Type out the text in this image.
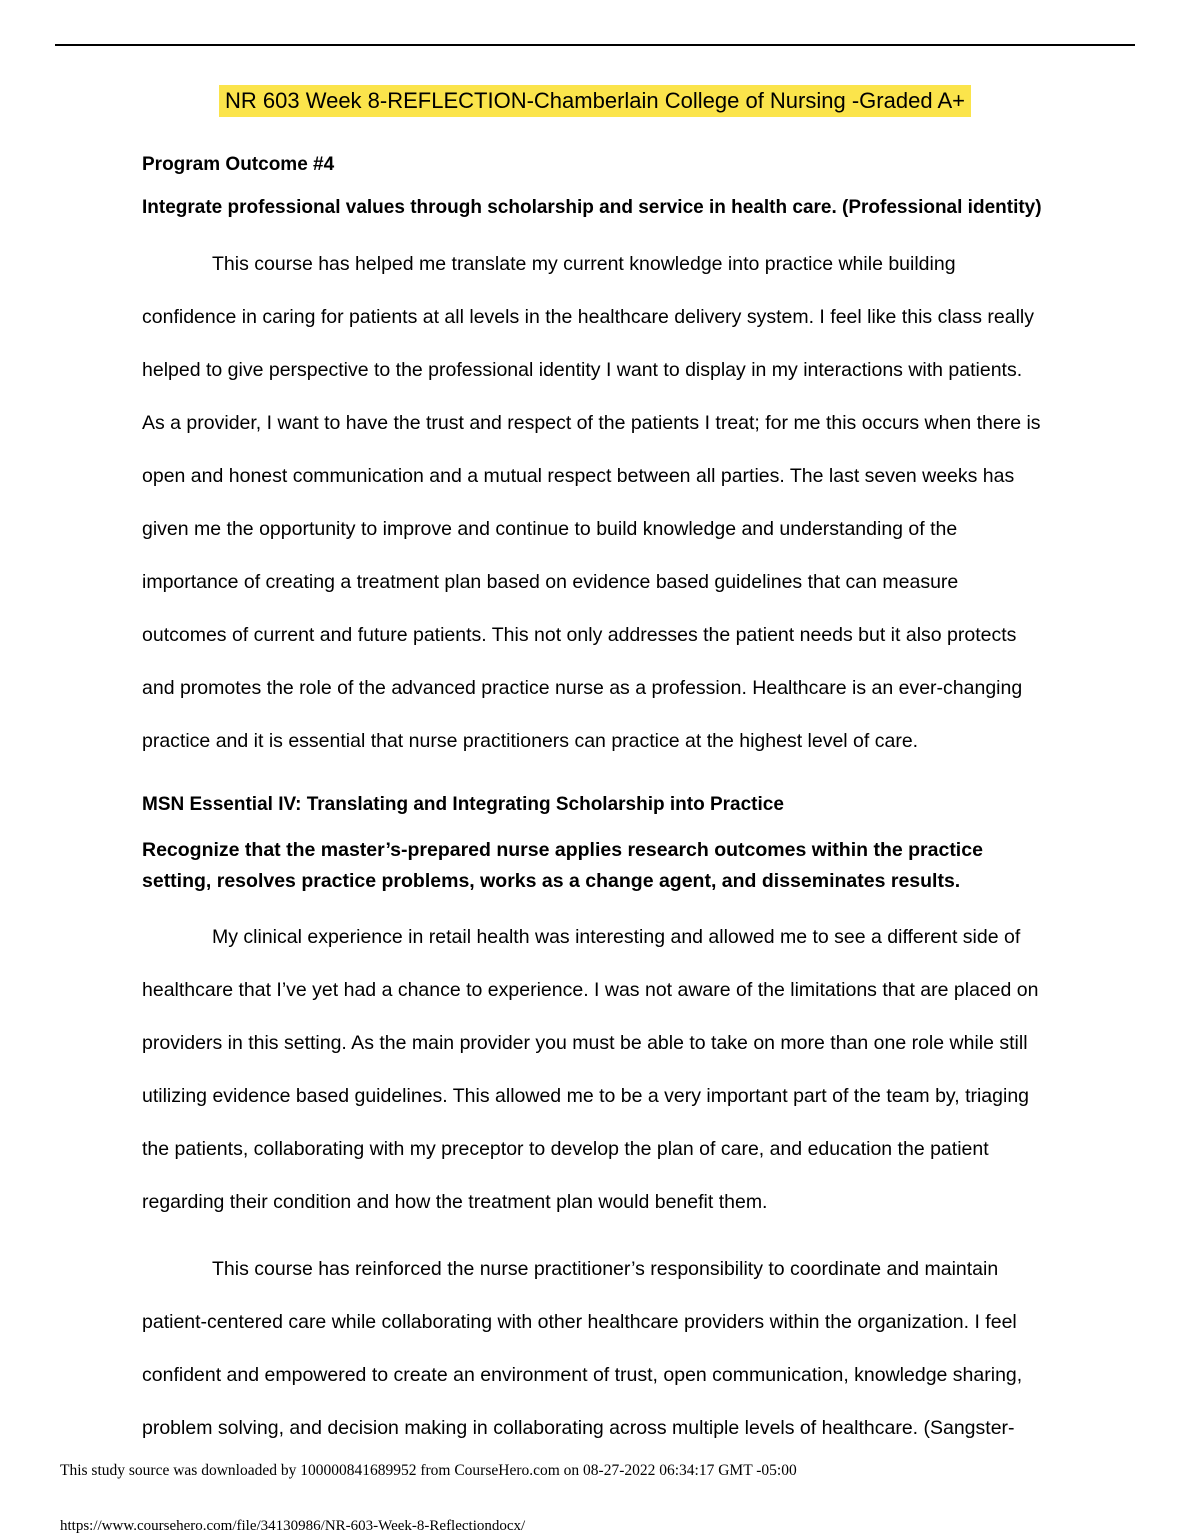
NR 603 Week 8-REFLECTION-Chamberlain College of Nursing -Graded A+
Program Outcome #4
Integrate professional values through scholarship and service in health care. (Professional identity)

This course has helped me translate my current knowledge into practice while building confidence in caring for patients at all levels in the healthcare delivery system. I feel like this class really helped to give perspective to the professional identity I want to display in my interactions with patients. As a provider, I want to have the trust and respect of the patients I treat; for me this occurs when there is open and honest communication and a mutual respect between all parties. The last seven weeks has given me the opportunity to improve and continue to build knowledge and understanding of the importance of creating a treatment plan based on evidence based guidelines that can measure outcomes of current and future patients. This not only addresses the patient needs but it also protects and promotes the role of the advanced practice nurse as a profession. Healthcare is an ever-changing practice and it is essential that nurse practitioners can practice at the highest level of care.

MSN Essential IV: Translating and Integrating Scholarship into Practice
Recognize that the master’s-prepared nurse applies research outcomes within the practice setting, resolves practice problems, works as a change agent, and disseminates results.

My clinical experience in retail health was interesting and allowed me to see a different side of healthcare that I’ve yet had a chance to experience. I was not aware of the limitations that are placed on providers in this setting. As the main provider you must be able to take on more than one role while still utilizing evidence based guidelines. This allowed me to be a very important part of the team by, triaging the patients, collaborating with my preceptor to develop the plan of care, and education the patient regarding their condition and how the treatment plan would benefit them.

This course has reinforced the nurse practitioner’s responsibility to coordinate and maintain patient-centered care while collaborating with other healthcare providers within the organization. I feel confident and empowered to create an environment of trust, open communication, knowledge sharing, problem solving, and decision making in collaborating across multiple levels of healthcare. (Sangster-

This study source was downloaded by 100000841689952 from CourseHero.com on 08-27-2022 06:34:17 GMT -05:00
https://www.coursehero.com/file/34130986/NR-603-Week-8-Reflectiondocx/
